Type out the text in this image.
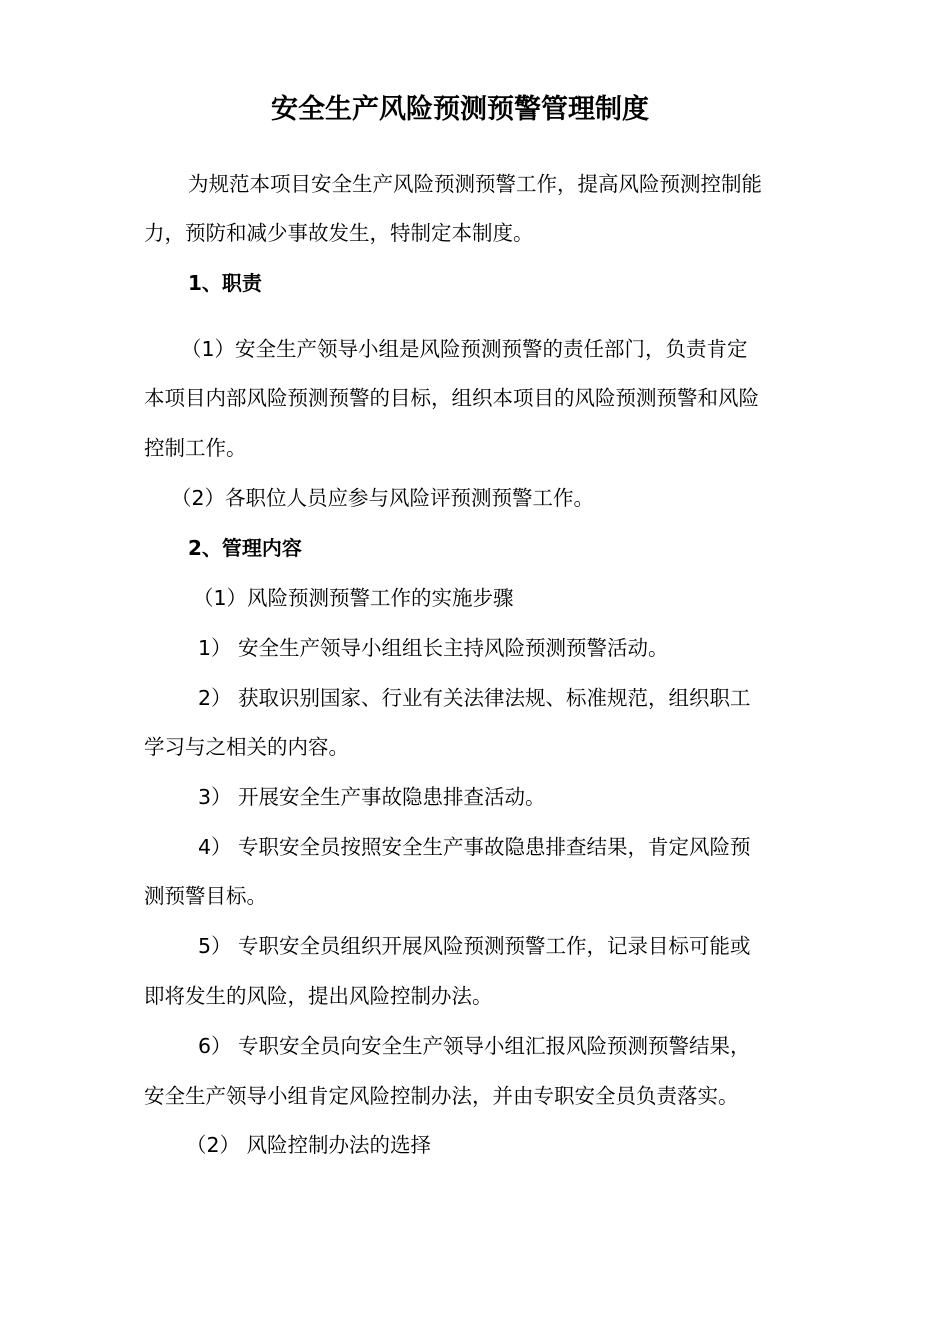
安全生产风险预测预警管理制度
为规范本项目安全生产风险预测预警工作，提高风险预测控制能
力，预防和减少事故发生，特制定本制度。
1、职责
（1）安全生产领导小组是风险预测预警的责任部门，负责肯定
本项目内部风险预测预警的目标，组织本项目的风险预测预警和风险
控制工作。
（2）各职位人员应参与风险评预测预警工作。
2、管理内容
（1）风险预测预警工作的实施步骤
1） 安全生产领导小组组长主持风险预测预警活动。
2） 获取识别国家、行业有关法律法规、标准规范，组织职工
学习与之相关的内容。
3） 开展安全生产事故隐患排查活动。
4） 专职安全员按照安全生产事故隐患排查结果，肯定风险预
测预警目标。
5） 专职安全员组织开展风险预测预警工作，记录目标可能或
即将发生的风险，提出风险控制办法。
6） 专职安全员向安全生产领导小组汇报风险预测预警结果，
安全生产领导小组肯定风险控制办法，并由专职安全员负责落实。
（2） 风险控制办法的选择
